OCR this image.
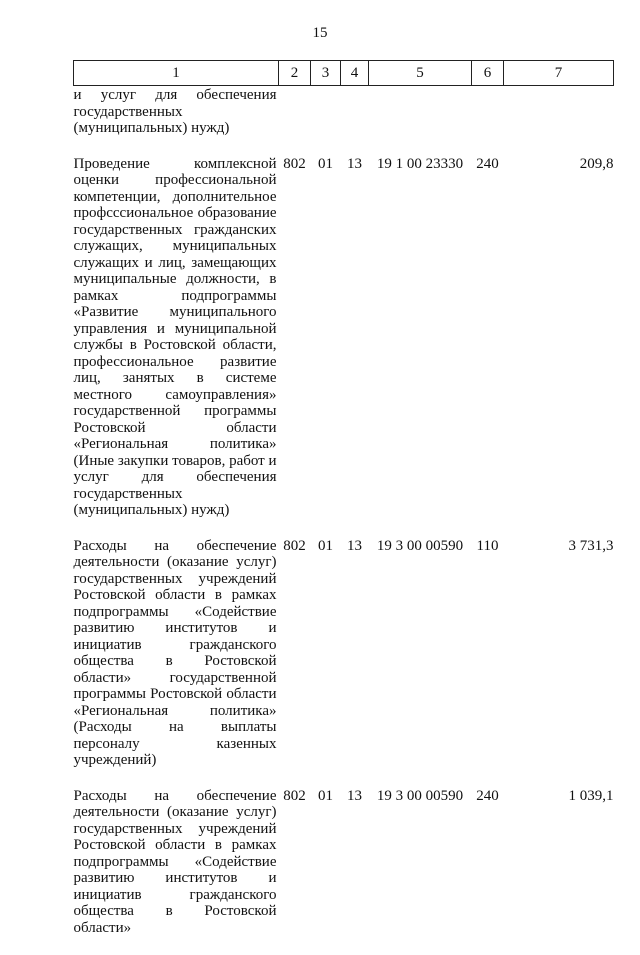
15
1	2	3	4	5	6	7
и услуг для обеспечения государственных (муниципальных) нужд)						
Проведение комплексной оценки профессиональной компетенции, дополнительное профсссиональное образование государственных гражданских служащих, муниципальных служащих и лиц, замещающих муниципальные должности, в рамках подпрограммы «Развитие муниципального управления и муниципальной службы в Ростовской области, профессиональное развитие лиц, занятых в системе местного самоуправления» государственной программы Ростовской области «Региональная политика» (Иные закупки товаров, работ и услуг для обеспечения государственных (муниципальных) нужд)	802	01	13	19 1 00 23330	240	209,8
Расходы на обеспечение деятельности (оказание услуг) государственных учреждений Ростовской области в рамках подпрограммы «Содействие развитию институтов и инициатив гражданского общества в Ростовской области» государственной программы Ростовской области «Региональная политика» (Расходы на выплаты персоналу казенных учреждений)	802	01	13	19 3 00 00590	110	3 731,3
Расходы на обеспечение деятельности (оказание услуг) государственных учреждений Ростовской области в рамках подпрограммы «Содействие развитию институтов и инициатив гражданского общества в Ростовской области»	802	01	13	19 3 00 00590	240	1 039,1
